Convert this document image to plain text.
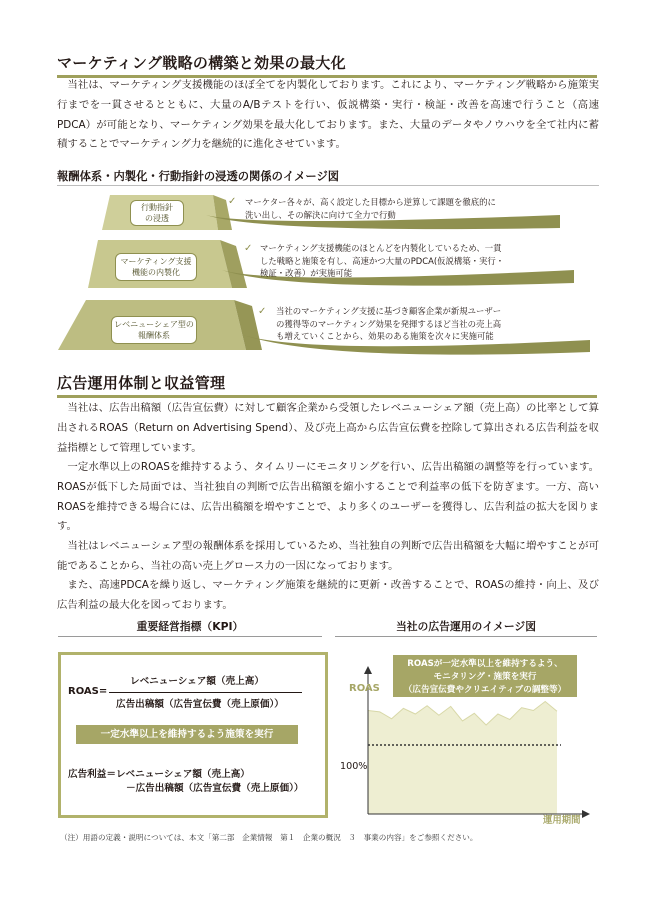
マーケティング戦略の構築と効果の最大化
当社は、マーケティング支援機能のほぼ全てを内製化しております。これにより、マーケティング戦略から施策実行までを一貫させるとともに、大量のA/Bテストを行い、仮説構築・実行・検証・改善を高速で行うこと（高速PDCA）が可能となり、マーケティング効果を最大化しております。また、大量のデータやノウハウを全て社内に蓄積することでマーケティング力を継続的に進化させています。
報酬体系・内製化・行動指針の浸透の関係のイメージ図
行動指針
の浸透
マーケティング支援
機能の内製化
レベニューシェア型の
報酬体系
✓ マーケター各々が、高く設定した目標から逆算して課題を徹底的に
洗い出し、その解決に向けて全力で行動
✓ マーケティング支援機能のほとんどを内製化しているため、一貫
した戦略と施策を有し、高速かつ大量のPDCA(仮説構築・実行・
検証・改善）が実施可能
✓ 当社のマーケティング支援に基づき顧客企業が新規ユーザー
の獲得等のマーケティング効果を発揮するほど当社の売上高
も増えていくことから、効果のある施策を次々に実施可能
広告運用体制と収益管理
当社は、広告出稿額（広告宣伝費）に対して顧客企業から受領したレベニューシェア額（売上高）の比率として算出されるROAS（Return on Advertising Spend）、及び売上高から広告宣伝費を控除して算出される広告利益を収益指標として管理しています。
一定水準以上のROASを維持するよう、タイムリーにモニタリングを行い、広告出稿額の調整等を行っています。ROASが低下した局面では、当社独自の判断で広告出稿額を縮小することで利益率の低下を防ぎます。一方、高いROASを維持できる場合には、広告出稿額を増やすことで、より多くのユーザーを獲得し、広告利益の拡大を図ります。
当社はレベニューシェア型の報酬体系を採用しているため、当社独自の判断で広告出稿額を大幅に増やすことが可能であることから、当社の高い売上グロース力の一因になっております。
また、高速PDCAを繰り返し、マーケティング施策を継続的に更新・改善することで、ROASの維持・向上、及び広告利益の最大化を図っております。
重要経営指標（KPI）
ROAS=
レベニューシェア額（売上高）
広告出稿額（広告宣伝費（売上原価））
一定水準以上を維持するよう施策を実行
広告利益＝レベニューシェア額（売上高）
－広告出稿額（広告宣伝費（売上原価））
当社の広告運用のイメージ図
ROASが一定水準以上を維持するよう、
モニタリング・施策を実行
（広告宣伝費やクリエイティブの調整等）
ROAS
100%
運用期間
（注）用語の定義・説明については、本文「第二部　企業情報　第１　企業の概況　３　事業の内容」をご参照ください。
